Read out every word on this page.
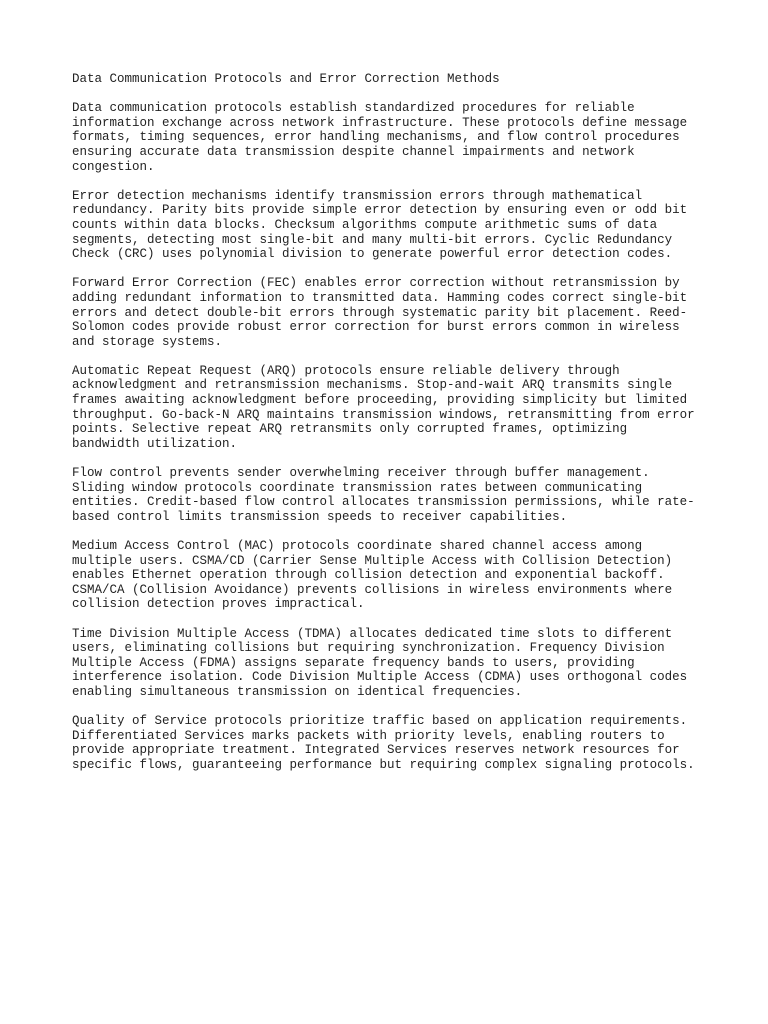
Data Communication Protocols and Error Correction Methods
Data communication protocols establish standardized procedures for reliable
information exchange across network infrastructure. These protocols define message
formats, timing sequences, error handling mechanisms, and flow control procedures
ensuring accurate data transmission despite channel impairments and network
congestion.
Error detection mechanisms identify transmission errors through mathematical
redundancy. Parity bits provide simple error detection by ensuring even or odd bit
counts within data blocks. Checksum algorithms compute arithmetic sums of data
segments, detecting most single-bit and many multi-bit errors. Cyclic Redundancy
Check (CRC) uses polynomial division to generate powerful error detection codes.
Forward Error Correction (FEC) enables error correction without retransmission by
adding redundant information to transmitted data. Hamming codes correct single-bit
errors and detect double-bit errors through systematic parity bit placement. Reed-
Solomon codes provide robust error correction for burst errors common in wireless
and storage systems.
Automatic Repeat Request (ARQ) protocols ensure reliable delivery through
acknowledgment and retransmission mechanisms. Stop-and-wait ARQ transmits single
frames awaiting acknowledgment before proceeding, providing simplicity but limited
throughput. Go-back-N ARQ maintains transmission windows, retransmitting from error
points. Selective repeat ARQ retransmits only corrupted frames, optimizing
bandwidth utilization.
Flow control prevents sender overwhelming receiver through buffer management.
Sliding window protocols coordinate transmission rates between communicating
entities. Credit-based flow control allocates transmission permissions, while rate-
based control limits transmission speeds to receiver capabilities.
Medium Access Control (MAC) protocols coordinate shared channel access among
multiple users. CSMA/CD (Carrier Sense Multiple Access with Collision Detection)
enables Ethernet operation through collision detection and exponential backoff.
CSMA/CA (Collision Avoidance) prevents collisions in wireless environments where
collision detection proves impractical.
Time Division Multiple Access (TDMA) allocates dedicated time slots to different
users, eliminating collisions but requiring synchronization. Frequency Division
Multiple Access (FDMA) assigns separate frequency bands to users, providing
interference isolation. Code Division Multiple Access (CDMA) uses orthogonal codes
enabling simultaneous transmission on identical frequencies.
Quality of Service protocols prioritize traffic based on application requirements.
Differentiated Services marks packets with priority levels, enabling routers to
provide appropriate treatment. Integrated Services reserves network resources for
specific flows, guaranteeing performance but requiring complex signaling protocols.
